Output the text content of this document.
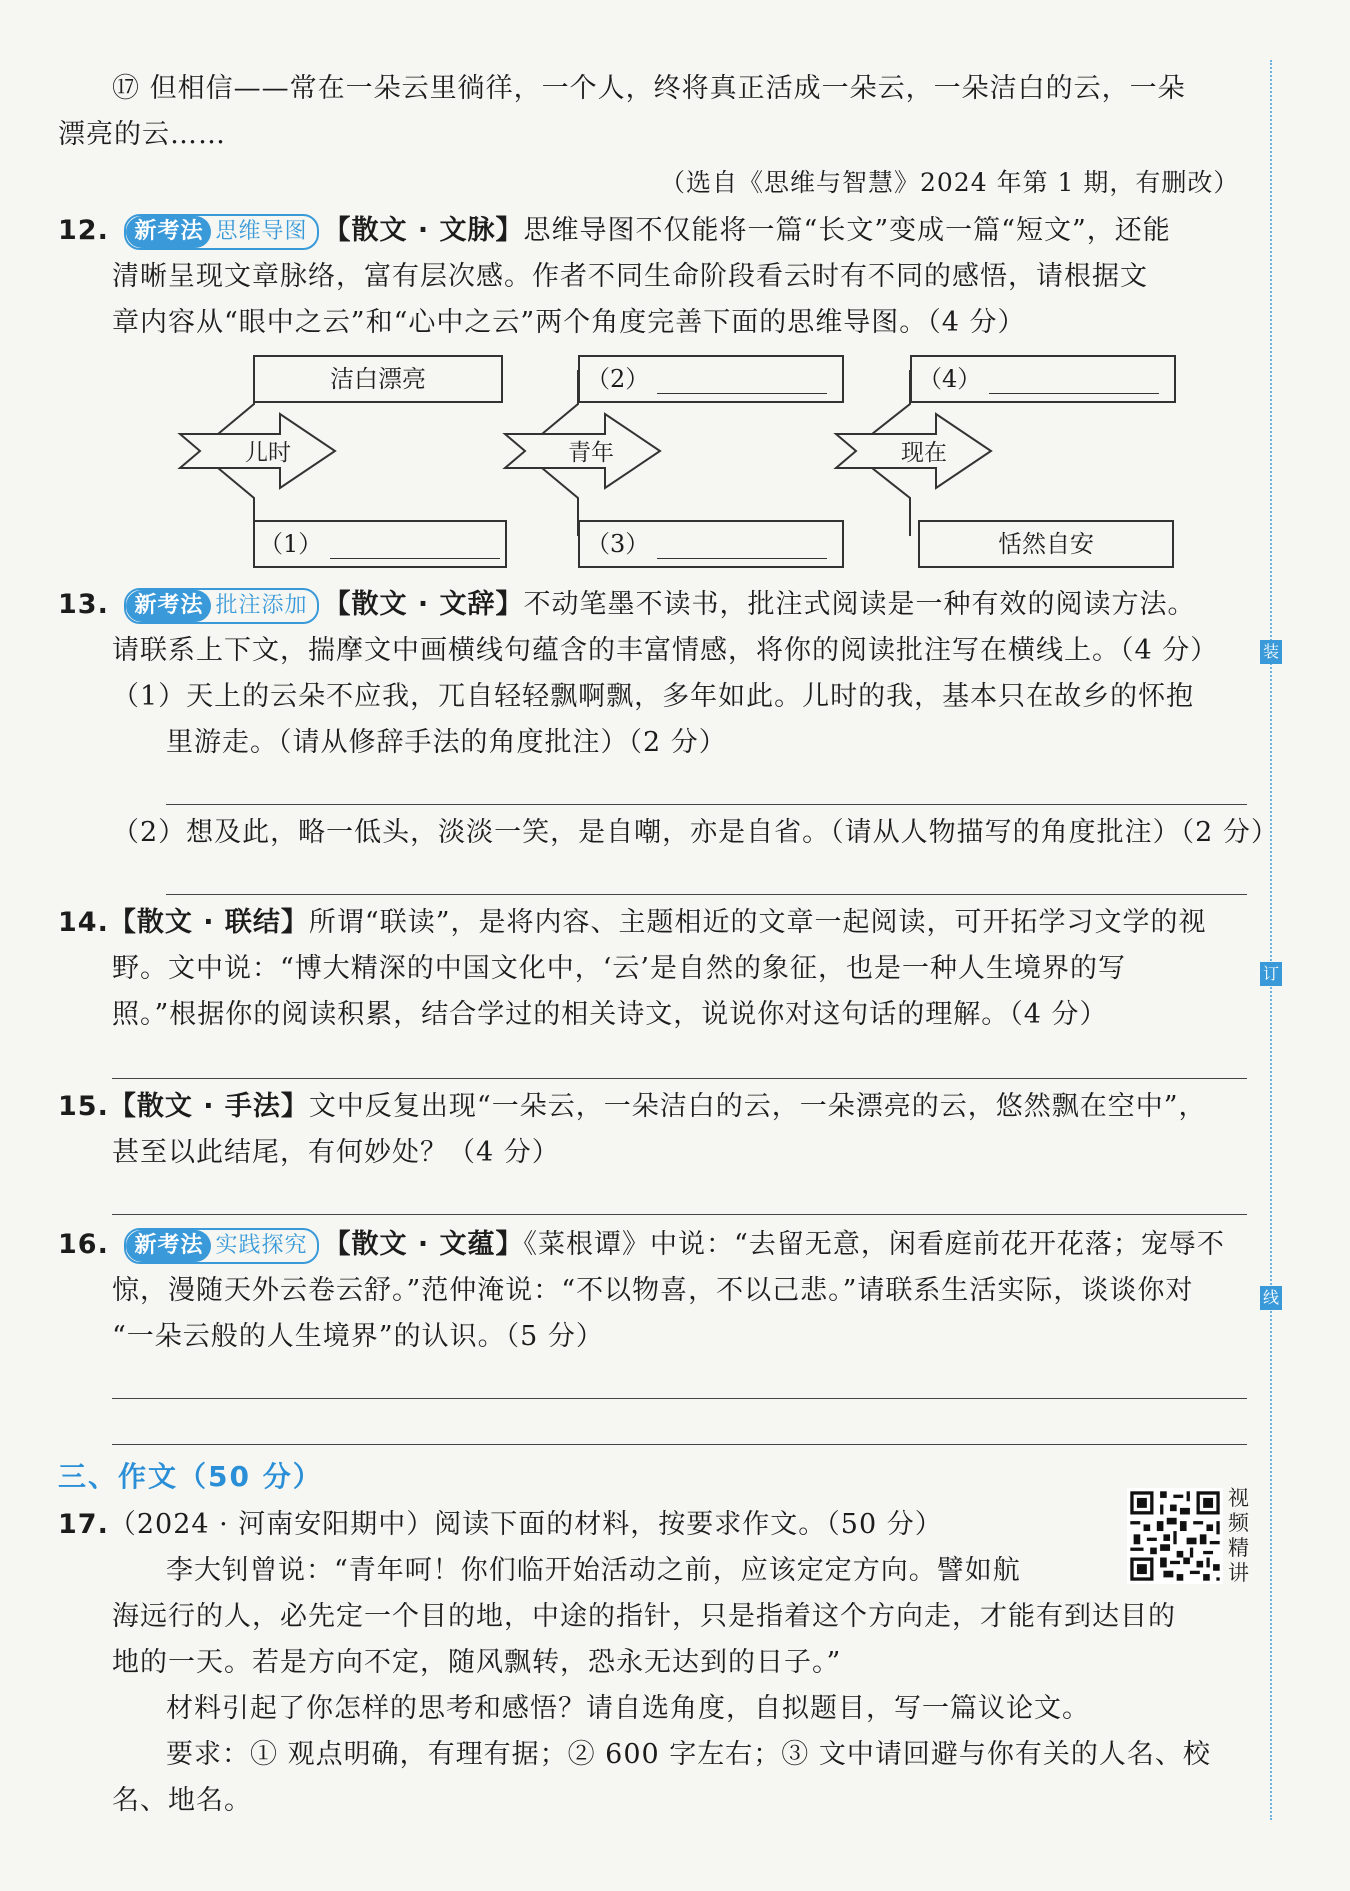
⑰ 但相信——常在一朵云里徜徉，一个人，终将真正活成一朵云，一朵洁白的云，一朵
漂亮的云……
（选自《思维与智慧》2024 年第 1 期，有删改）
12.	新考法 思维导图 【散文 · 文脉】思维导图不仅能将一篇“长文”变成一篇“短文”，还能
清晰呈现文章脉络，富有层次感。作者不同生命阶段看云时有不同的感悟，请根据文
章内容从“眼中之云”和“心中之云”两个角度完善下面的思维导图。（4 分）
儿时	青年	现在
洁白漂亮	（2）	（4）
（1）	（3）	恬然自安
13.	新考法 批注添加 【散文 · 文辞】不动笔墨不读书，批注式阅读是一种有效的阅读方法。
请联系上下文，揣摩文中画横线句蕴含的丰富情感，将你的阅读批注写在横线上。（4 分）
（1）天上的云朵不应我，兀自轻轻飘啊飘，多年如此。儿时的我，基本只在故乡的怀抱
里游走。（请从修辞手法的角度批注）（2 分）
（2）想及此，略一低头，淡淡一笑，是自嘲，亦是自省。（请从人物描写的角度批注）（2 分）
14.【散文 · 联结】所谓“联读”，是将内容、主题相近的文章一起阅读，可开拓学习文学的视
野。文中说：“博大精深的中国文化中，‘云’是自然的象征，也是一种人生境界的写
照。”根据你的阅读积累，结合学过的相关诗文，说说你对这句话的理解。（4 分）
15.【散文 · 手法】文中反复出现“一朵云，一朵洁白的云，一朵漂亮的云，悠然飘在空中”，
甚至以此结尾，有何妙处？（4 分）
16.	新考法 实践探究 【散文 · 文蕴】《菜根谭》中说：“去留无意，闲看庭前花开花落；宠辱不
惊，漫随天外云卷云舒。”范仲淹说：“不以物喜，不以己悲。”请联系生活实际，谈谈你对
“一朵云般的人生境界”的认识。（5 分）
三、作文（50 分）
17.（2024 · 河南安阳期中）阅读下面的材料，按要求作文。（50 分）
李大钊曾说：“青年呵！你们临开始活动之前，应该定定方向。譬如航
海远行的人，必先定一个目的地，中途的指针，只是指着这个方向走，才能有到达目的
地的一天。若是方向不定，随风飘转，恐永无达到的日子。”
材料引起了你怎样的思考和感悟？请自选角度，自拟题目，写一篇议论文。
要求：① 观点明确，有理有据；② 600 字左右；③ 文中请回避与你有关的人名、校
名、地名。
视频精讲
装
订
线
